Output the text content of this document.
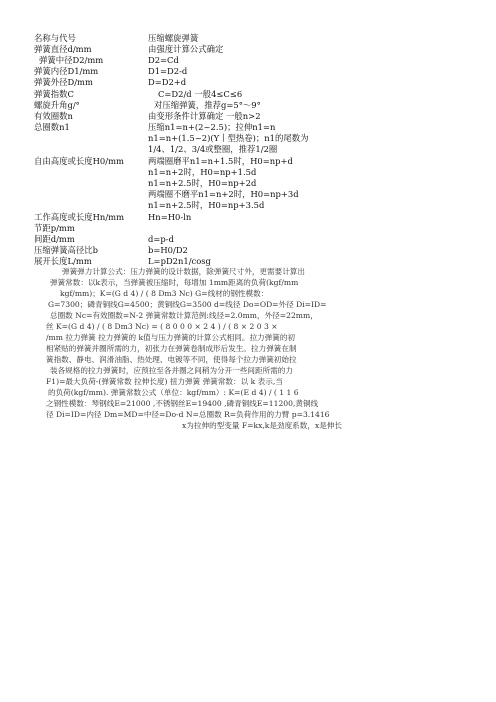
名称与代号	压缩螺旋弹簧
弹簧直径d/mm	由强度计算公式确定
弹簧中径D2/mm	D2=Cd
弹簧内径D1/mm	D1=D2-d
弹簧外径D/mm	D=D2+d
弹簧指数C	C=D2/d 一般4≤C≤6
螺旋升角g/°	对压缩弹簧，推荐g=5°～9°
有效圈数n	由变形条件计算确定 一般n>2
总圈数n1	压缩n1=n+(2~2.5)；拉伸n1=n
n1=n+(1.5~2)(Y丨型热卷)；n1的尾数为
1/4、1/2、3/4或整圈，推荐1/2圈
自由高度或长度H0/mm	两端圈磨平n1=n+1.5时，H0=np+d
n1=n+2时，H0=np+1.5d
n1=n+2.5时，H0=np+2d
两端圈不磨平n1=n+2时，H0=np+3d
n1=n+2.5时，H0=np+3.5d
工作高度或长度Hn/mm	Hn=H0-ln
节距p/mm
间距d/mm	d=p-d
压缩弹簧高径比b	b=H0/D2
展开长度L/mm	L=pD2n1/cosg
弹簧弹力计算公式：压力弹簧的设计数据，除弹簧尺寸外，更需要计算出
弹簧常数：以k表示，当弹簧被压缩时，每增加 1mm距离的负荷(kgf/mm
kgf/mm)；K=(G d 4) / ( 8 Dm3 Nc) G=线材的钢性模数：
G=7300；磷青铜线G=4500；黄铜线G=3500 d=线径 Do=OD=外径 Di=ID=
总圈数 Nc=有效圈数=N-2 弹簧常数计算范例:线径=2.0mm，外径=22mm，
丝 K=(G d 4) / ( 8 Dm3 Nc) = ( 8 0 0 0 × 2 4 ) / ( 8 × 2 0 3 ×
/mm 拉力弹簧 拉力弹簧的 k值与压力弹簧的计算公式相同。拉力弹簧的初
相紧贴的弹簧并圈所需的力，初张力在弹簧卷制成形后发生。拉力弹簧在制
簧指数、静电、润滑油脂、热处理、电镀等不同，使得每个拉力弹簧初始拉
装各规格的拉力弹簧时，应预拉至各并圈之间稍为分开一些间距所需的力
F1)=最大负荷-(弹簧常数 拉伸长度) 扭力弹簧 弹簧常数：以 k 表示,当
的负荷(kgf/mm). 弹簧常数公式（单位：kgf/mm）: K=(E d 4) / ( 1 1 6
之钢性模数：琴钢线E=21000 ,不锈钢丝E=19400 ,磷青铜线E=11200,黄铜线
径 Di=ID=内径 Dm=MD=中径=Do-d N=总圈数 R=负荷作用的力臂 p=3.1416
x为拉伸的型变量 F=kx,k是劲度系数，x是伸长
